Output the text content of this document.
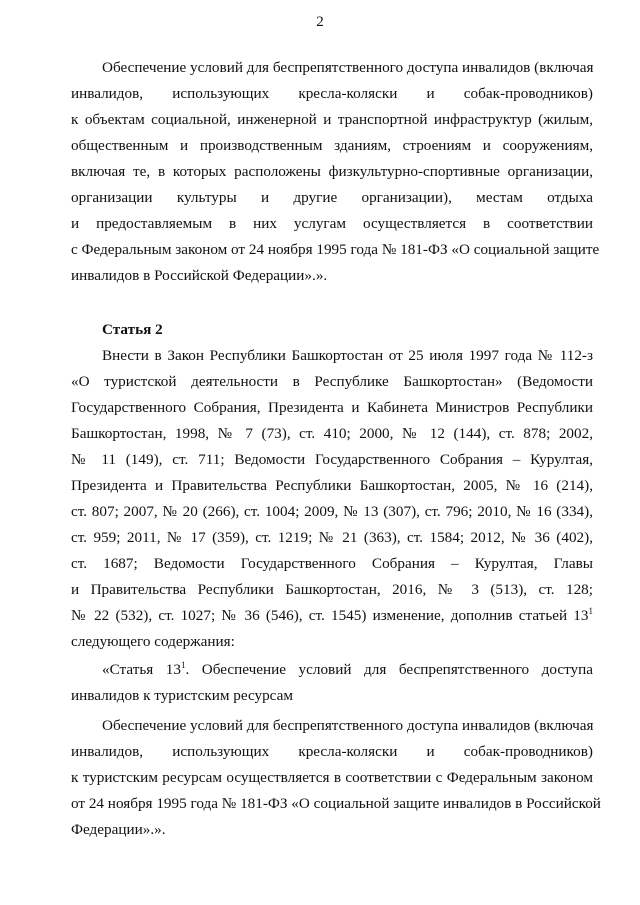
2
Обеспечение условий для беспрепятственного доступа инвалидов (включая
инвалидов, использующих кресла-коляски и собак-проводников)
к объектам социальной, инженерной и транспортной инфраструктур (жилым,
общественным и производственным зданиям, строениям и сооружениям,
включая те, в которых расположены физкультурно-спортивные организации,
организации культуры и другие организации), местам отдыха
и предоставляемым в них услугам осуществляется в соответствии
с Федеральным законом от 24 ноября 1995 года № 181-ФЗ «О социальной защите
инвалидов в Российской Федерации».».
Статья 2
Внести в Закон Республики Башкортостан от 25 июля 1997 года № 112-з
«О туристской деятельности в Республике Башкортостан» (Ведомости
Государственного Собрания, Президента и Кабинета Министров Республики
Башкортостан, 1998, № 7 (73), ст. 410; 2000, № 12 (144), ст. 878; 2002,
№ 11 (149), ст. 711; Ведомости Государственного Собрания – Курултая,
Президента и Правительства Республики Башкортостан, 2005, № 16 (214),
ст. 807; 2007, № 20 (266), ст. 1004; 2009, № 13 (307), ст. 796; 2010, № 16 (334),
ст. 959; 2011, № 17 (359), ст. 1219; № 21 (363), ст. 1584; 2012, № 36 (402),
ст. 1687; Ведомости Государственного Собрания – Курултая, Главы
и Правительства Республики Башкортостан, 2016, № 3 (513), ст. 128;
№ 22 (532), ст. 1027; № 36 (546), ст. 1545) изменение, дополнив статьей $13^1$
следующего содержания:
«Статья $13^1$. Обеспечение условий для беспрепятственного доступа
инвалидов к туристским ресурсам
Обеспечение условий для беспрепятственного доступа инвалидов (включая
инвалидов, использующих кресла-коляски и собак-проводников)
к туристским ресурсам осуществляется в соответствии с Федеральным законом
от 24 ноября 1995 года № 181-ФЗ «О социальной защите инвалидов в Российской
Федерации».».
